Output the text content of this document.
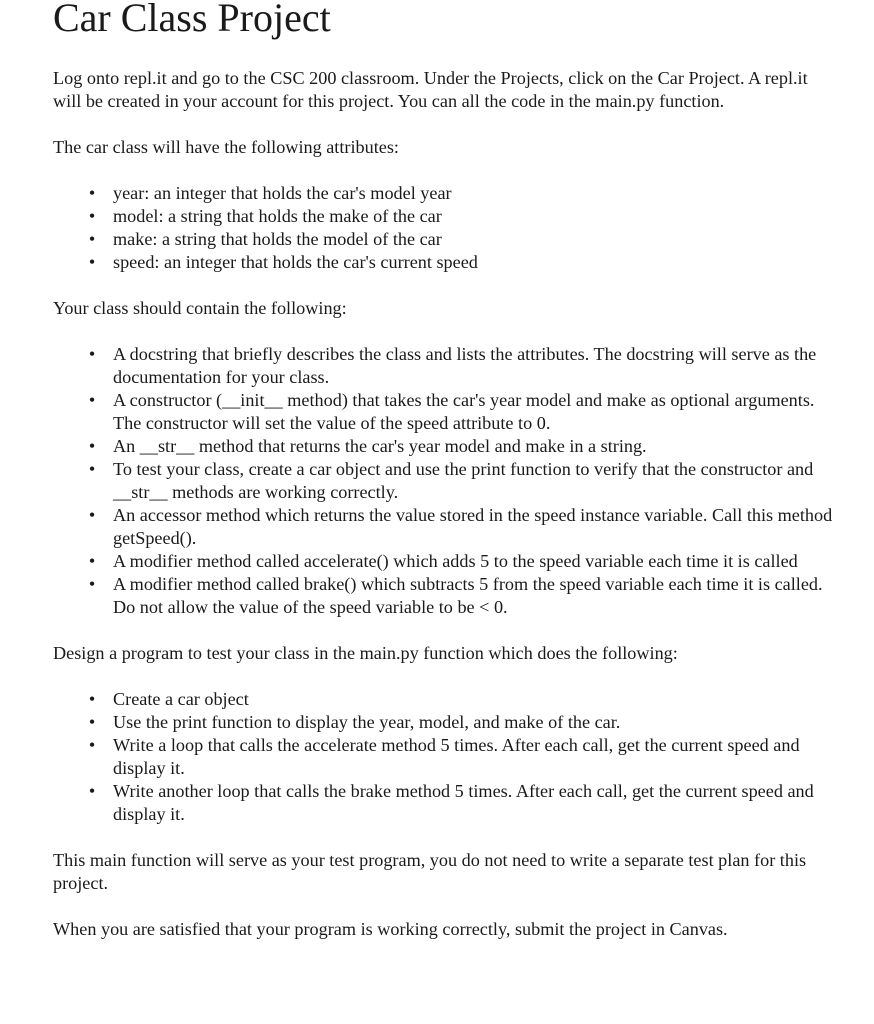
Car Class Project

Log onto repl.it and go to the CSC 200 classroom. Under the Projects, click on the Car Project. A repl.it will be created in your account for this project. You can all the code in the main.py function.

The car class will have the following attributes:

• year: an integer that holds the car's model year
• model: a string that holds the make of the car
• make: a string that holds the model of the car
• speed: an integer that holds the car's current speed

Your class should contain the following:

• A docstring that briefly describes the class and lists the attributes. The docstring will serve as the documentation for your class.
• A constructor (__init__ method) that takes the car's year model and make as optional arguments. The constructor will set the value of the speed attribute to 0.
• An __str__ method that returns the car's year model and make in a string.
• To test your class, create a car object and use the print function to verify that the constructor and __str__ methods are working correctly.
• An accessor method which returns the value stored in the speed instance variable. Call this method getSpeed().
• A modifier method called accelerate() which adds 5 to the speed variable each time it is called
• A modifier method called brake() which subtracts 5 from the speed variable each time it is called. Do not allow the value of the speed variable to be < 0.

Design a program to test your class in the main.py function which does the following:

• Create a car object
• Use the print function to display the year, model, and make of the car.
• Write a loop that calls the accelerate method 5 times. After each call, get the current speed and display it.
• Write another loop that calls the brake method 5 times. After each call, get the current speed and display it.

This main function will serve as your test program, you do not need to write a separate test plan for this project.

When you are satisfied that your program is working correctly, submit the project in Canvas.
